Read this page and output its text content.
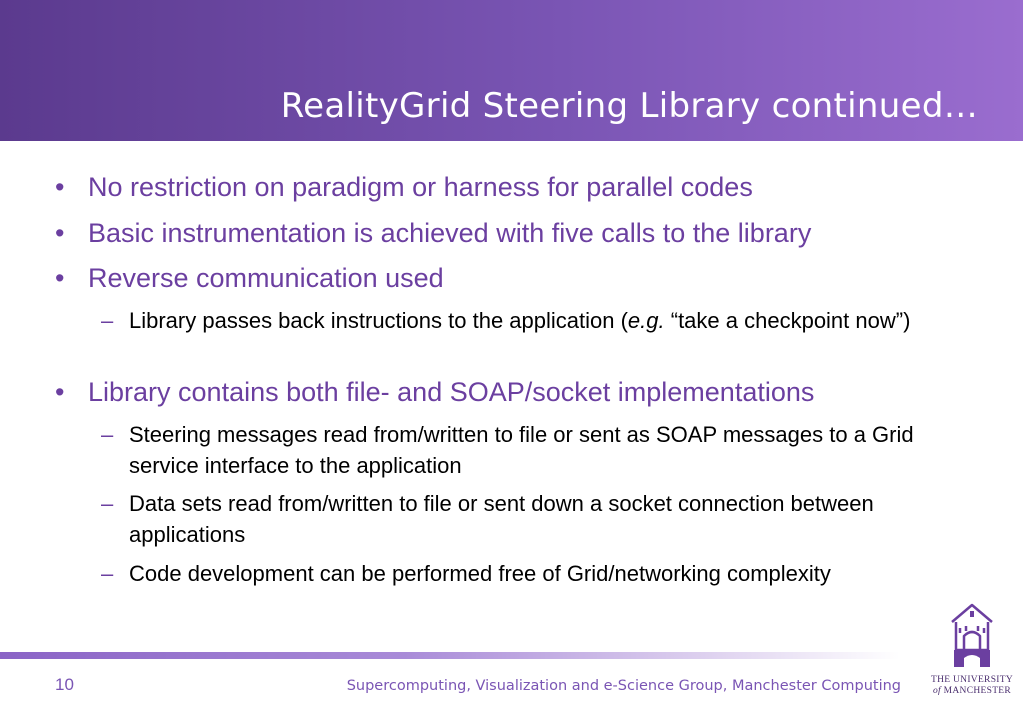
RealityGrid Steering Library continued…
• No restriction on paradigm or harness for parallel codes
• Basic instrumentation is achieved with five calls to the library
• Reverse communication used
– Library passes back instructions to the application (e.g. “take a checkpoint now”)
• Library contains both file- and SOAP/socket implementations
– Steering messages read from/written to file or sent as SOAP messages to a Grid service interface to the application
– Data sets read from/written to file or sent down a socket connection between applications
– Code development can be performed free of Grid/networking complexity
10	Supercomputing, Visualization and e-Science Group, Manchester Computing	THE UNIVERSITY
of MANCHESTER
